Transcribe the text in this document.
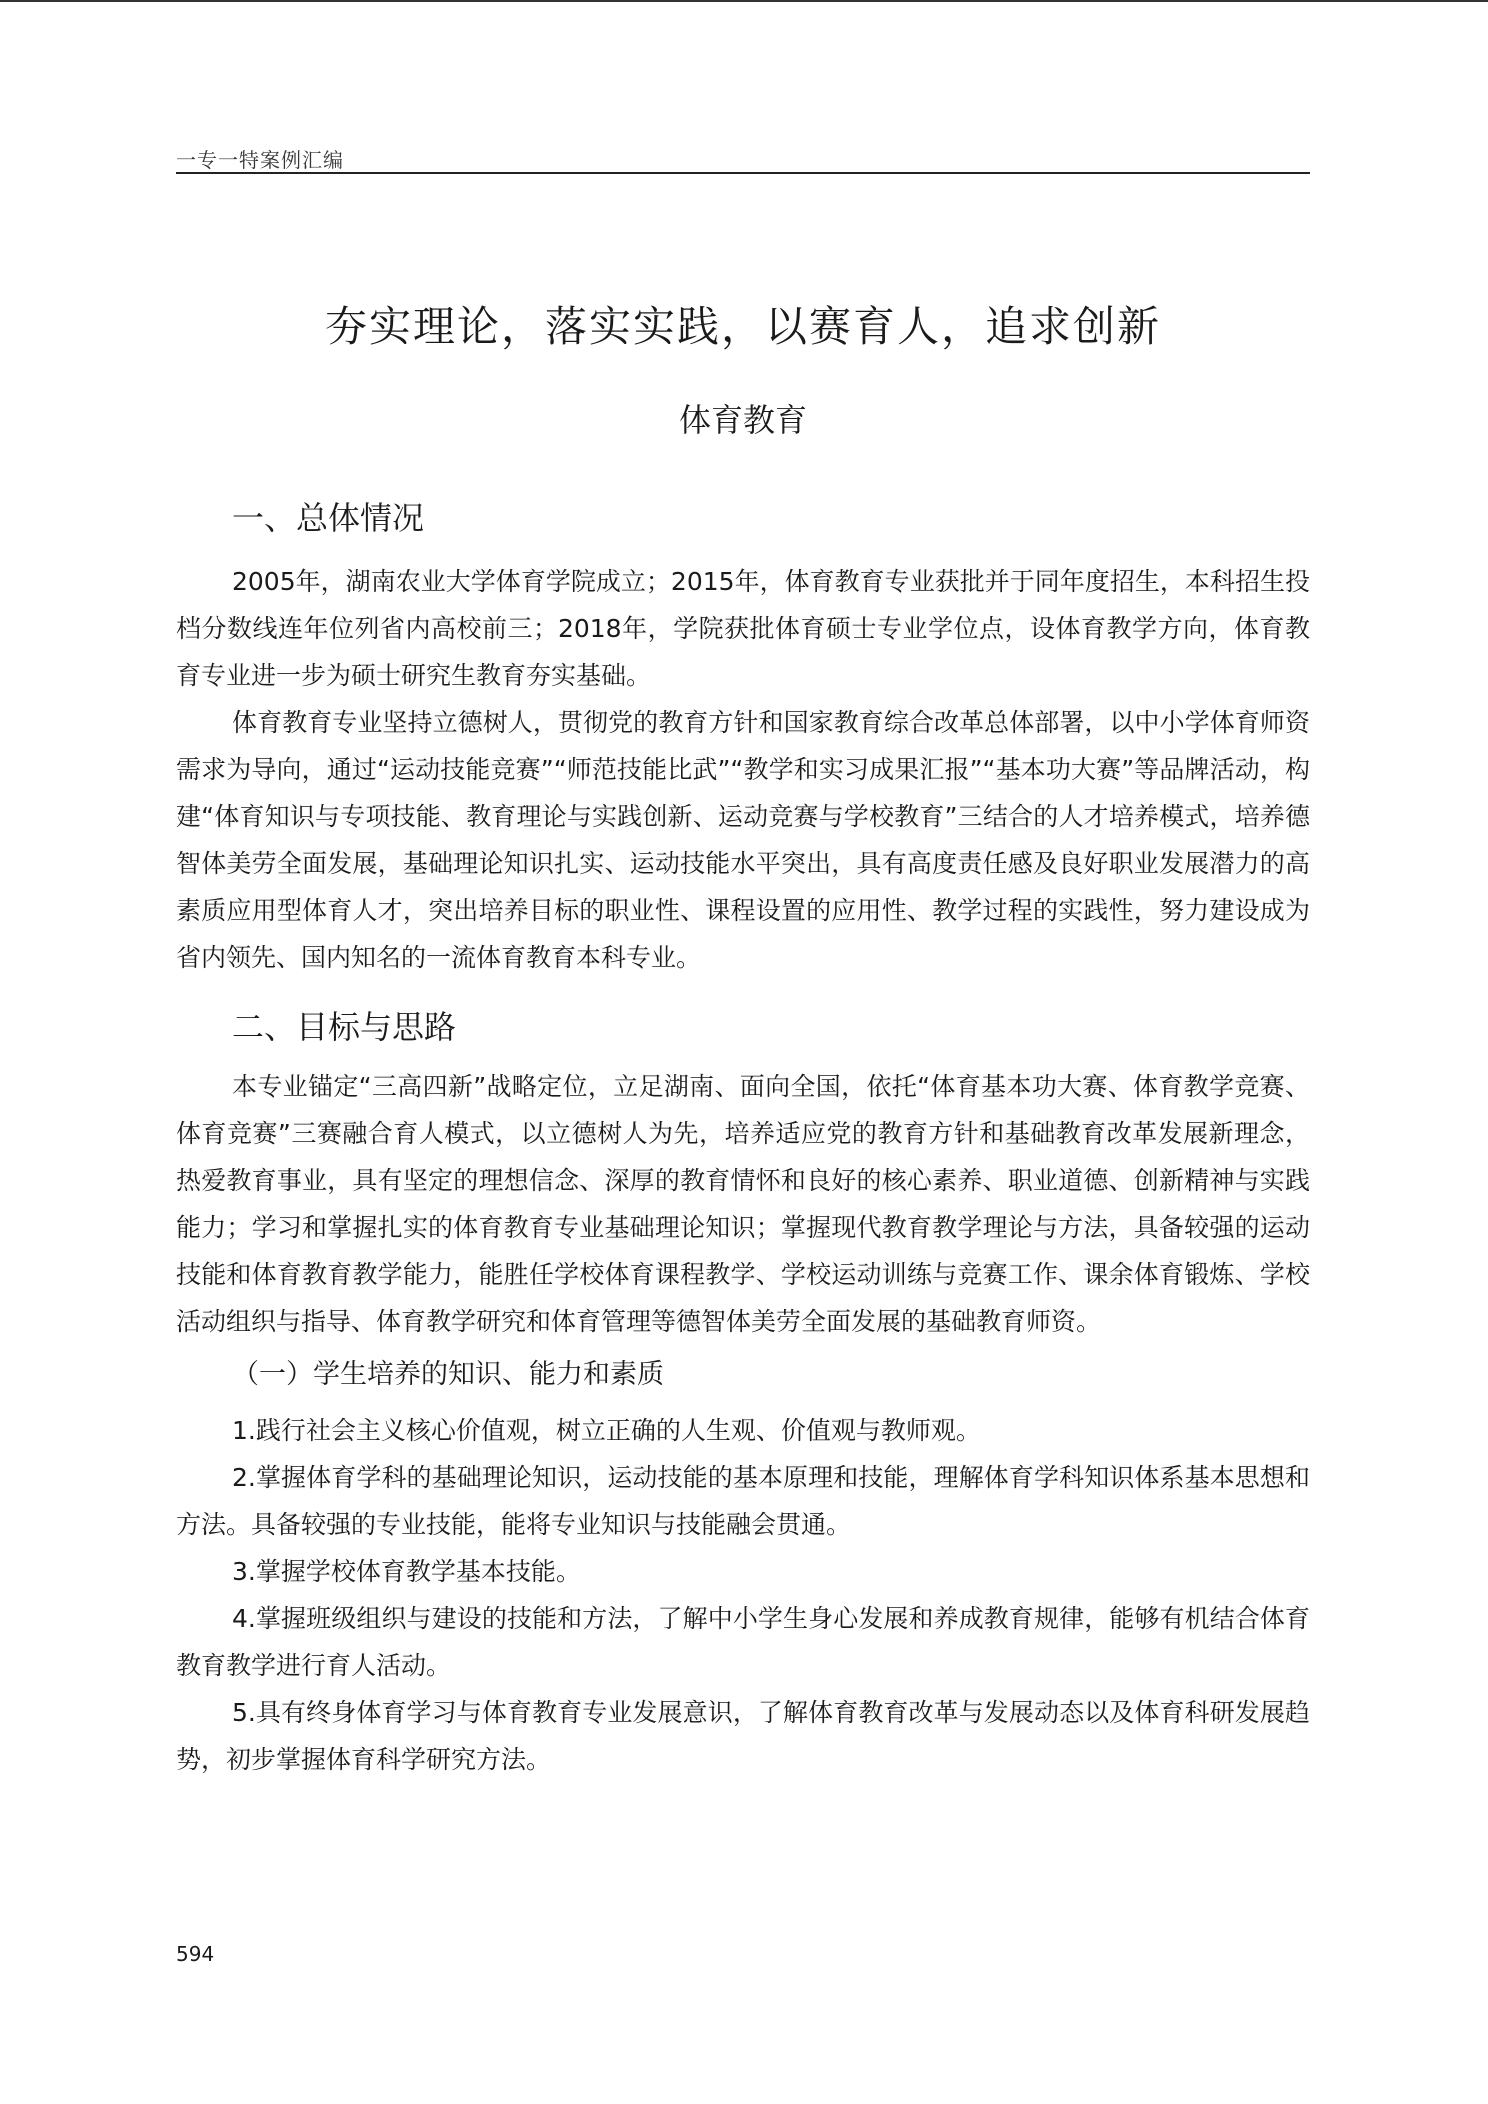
一专一特案例汇编
夯实理论，落实实践，以赛育人，追求创新
体育教育
一、总体情况

2005年，湖南农业大学体育学院成立；2015年，体育教育专业获批并于同年度招生，本科招生投档分数线连年位列省内高校前三；2018年，学院获批体育硕士专业学位点，设体育教学方向，体育教育专业进一步为硕士研究生教育夯实基础。

体育教育专业坚持立德树人，贯彻党的教育方针和国家教育综合改革总体部署，以中小学体育师资需求为导向，通过“运动技能竞赛”“师范技能比武”“教学和实习成果汇报”“基本功大赛”等品牌活动，构建“体育知识与专项技能、教育理论与实践创新、运动竞赛与学校教育”三结合的人才培养模式，培养德智体美劳全面发展，基础理论知识扎实、运动技能水平突出，具有高度责任感及良好职业发展潜力的高素质应用型体育人才，突出培养目标的职业性、课程设置的应用性、教学过程的实践性，努力建设成为省内领先、国内知名的一流体育教育本科专业。

二、目标与思路

本专业锚定“三高四新”战略定位，立足湖南、面向全国，依托“体育基本功大赛、体育教学竞赛、体育竞赛”三赛融合育人模式，以立德树人为先，培养适应党的教育方针和基础教育改革发展新理念，热爱教育事业，具有坚定的理想信念、深厚的教育情怀和良好的核心素养、职业道德、创新精神与实践能力；学习和掌握扎实的体育教育专业基础理论知识；掌握现代教育教学理论与方法，具备较强的运动技能和体育教育教学能力，能胜任学校体育课程教学、学校运动训练与竞赛工作、课余体育锻炼、学校活动组织与指导、体育教学研究和体育管理等德智体美劳全面发展的基础教育师资。

（一）学生培养的知识、能力和素质

1.践行社会主义核心价值观，树立正确的人生观、价值观与教师观。

2.掌握体育学科的基础理论知识，运动技能的基本原理和技能，理解体育学科知识体系基本思想和方法。具备较强的专业技能，能将专业知识与技能融会贯通。

3.掌握学校体育教学基本技能。

4.掌握班级组织与建设的技能和方法，了解中小学生身心发展和养成教育规律，能够有机结合体育教育教学进行育人活动。

5.具有终身体育学习与体育教育专业发展意识，了解体育教育改革与发展动态以及体育科研发展趋势，初步掌握体育科学研究方法。

594
